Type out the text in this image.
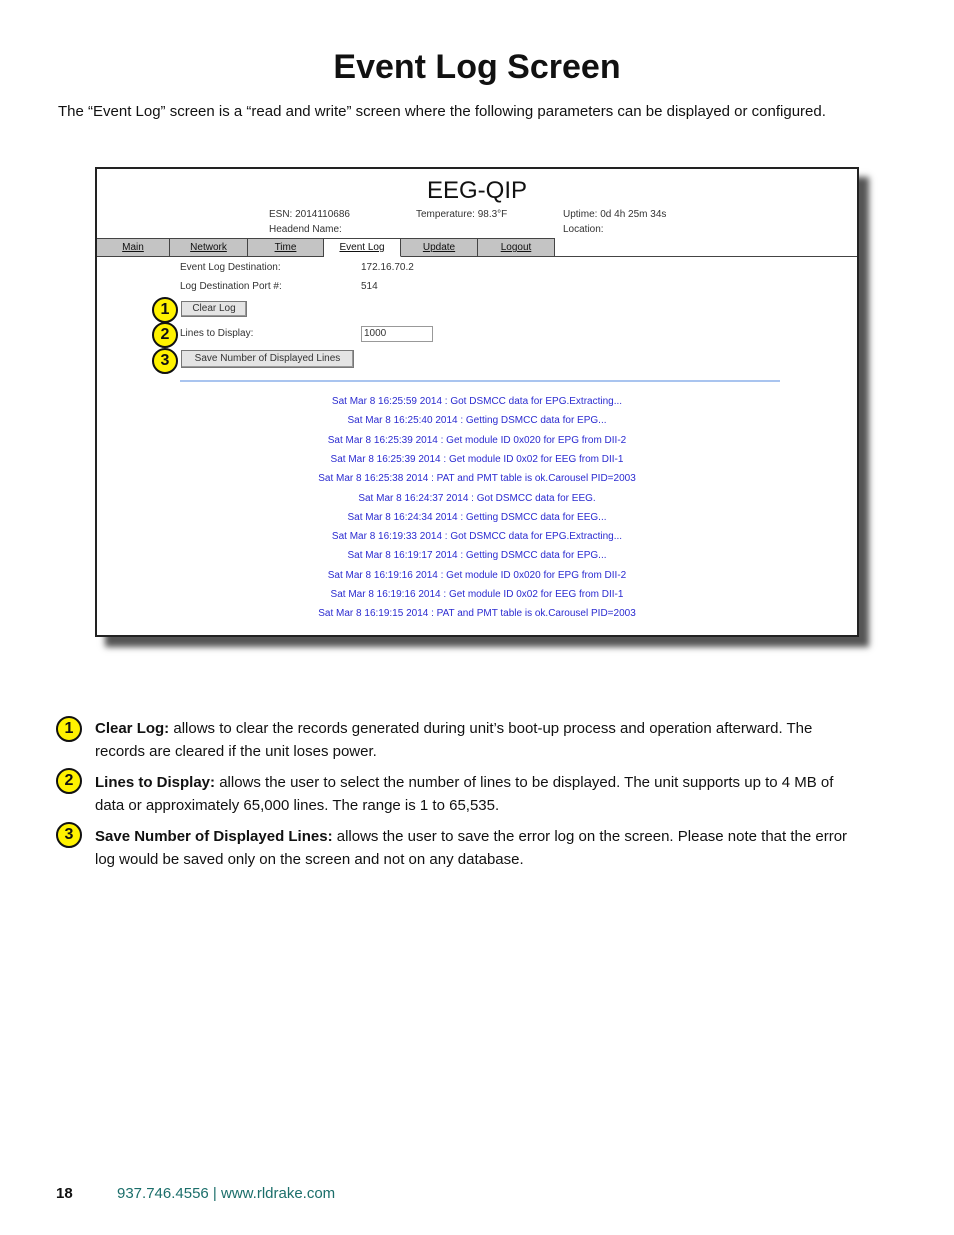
Event Log Screen
The “Event Log” screen is a “read and write” screen where the following parameters can be displayed or configured.
EEG-QIP
ESN: 2014110686
Headend Name:
Temperature: 98.3°F	Uptime: 0d 4h 25m 34s
Location:
Main	Network	Time	Event Log	Update	Logout
Event Log Destination:	172.16.70.2
Log Destination Port #:	514
Clear Log
Lines to Display:	1000
Save Number of Displayed Lines
1
2
3
Sat Mar 8 16:25:59 2014 : Got DSMCC data for EPG.Extracting...
Sat Mar 8 16:25:40 2014 : Getting DSMCC data for EPG...
Sat Mar 8 16:25:39 2014 : Get module ID 0x020 for EPG from DII-2
Sat Mar 8 16:25:39 2014 : Get module ID 0x02 for EEG from DII-1
Sat Mar 8 16:25:38 2014 : PAT and PMT table is ok.Carousel PID=2003
Sat Mar 8 16:24:37 2014 : Got DSMCC data for EEG.
Sat Mar 8 16:24:34 2014 : Getting DSMCC data for EEG...
Sat Mar 8 16:19:33 2014 : Got DSMCC data for EPG.Extracting...
Sat Mar 8 16:19:17 2014 : Getting DSMCC data for EPG...
Sat Mar 8 16:19:16 2014 : Get module ID 0x020 for EPG from DII-2
Sat Mar 8 16:19:16 2014 : Get module ID 0x02 for EEG from DII-1
Sat Mar 8 16:19:15 2014 : PAT and PMT table is ok.Carousel PID=2003
1	Clear Log: allows to clear the records generated during unit’s boot-up process and operation afterward. The
records are cleared if the unit loses power.
2	Lines to Display: allows the user to select the number of lines to be displayed. The unit supports up to 4 MB of
data or approximately 65,000 lines. The range is 1 to 65,535.
3	Save Number of Displayed Lines: allows the user to save the error log on the screen. Please note that the error
log would be saved only on the screen and not on any database.
18	937.746.4556 | www.rldrake.com
